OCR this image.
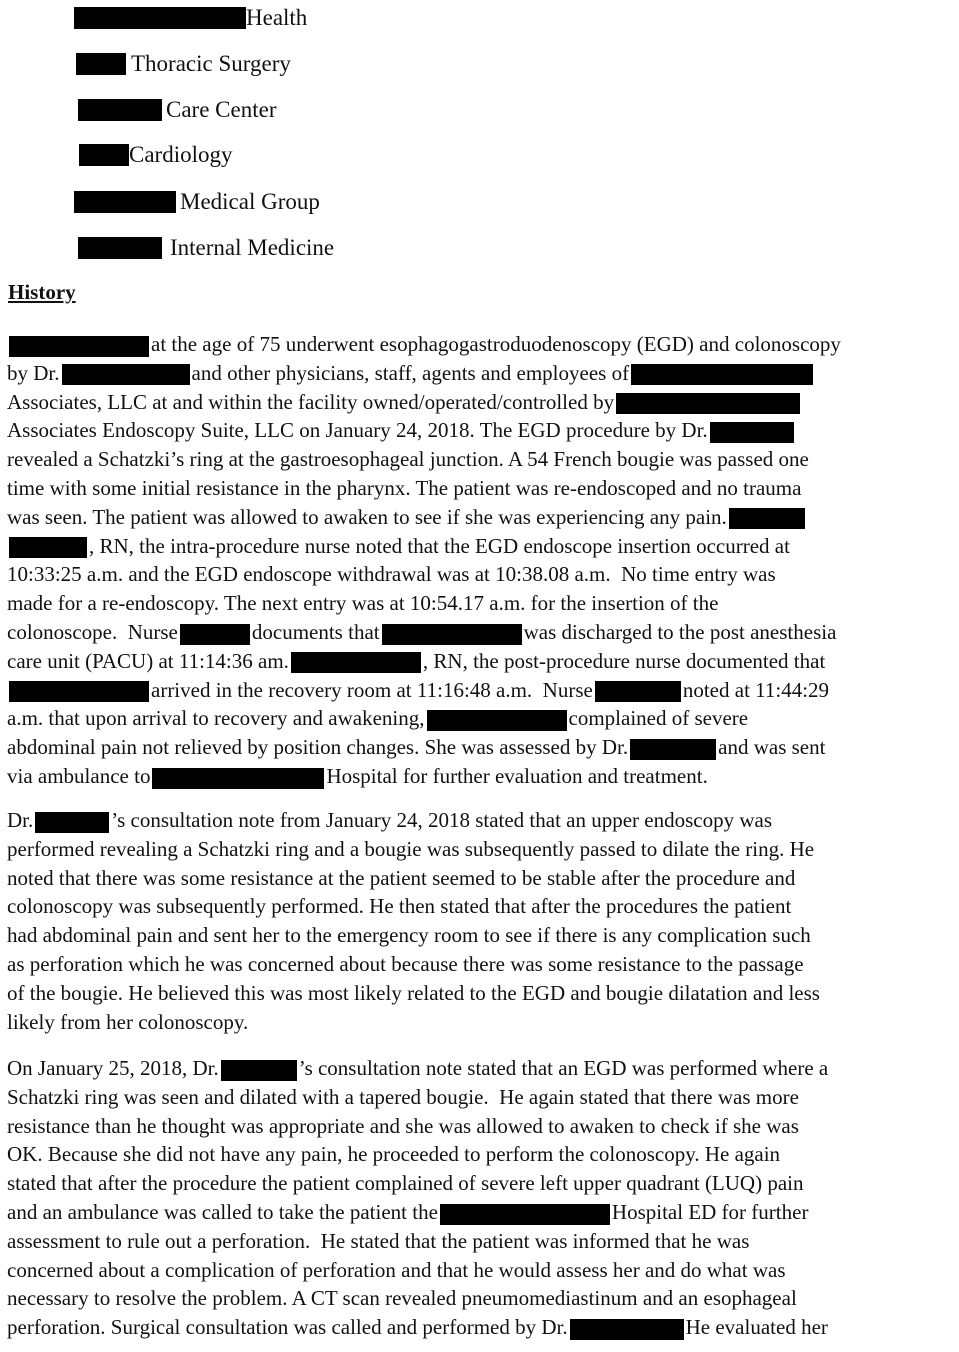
Health
Thoracic Surgery
Care Center
Cardiology
Medical Group
Internal Medicine
History
at the age of 75 underwent esophagogastroduodenoscopy (EGD) and colonoscopy
by Dr.	and other physicians, staff, agents and employees of
Associates, LLC at and within the facility owned/operated/controlled by
Associates Endoscopy Suite, LLC on January 24, 2018. The EGD procedure by Dr.
revealed a Schatzki’s ring at the gastroesophageal junction. A 54 French bougie was passed one
time with some initial resistance in the pharynx. The patient was re-endoscoped and no trauma
was seen. The patient was allowed to awaken to see if she was experiencing any pain.
, RN, the intra-procedure nurse noted that the EGD endoscope insertion occurred at
10:33:25 a.m. and the EGD endoscope withdrawal was at 10:38.08 a.m.  No time entry was
made for a re-endoscopy. The next entry was at 10:54.17 a.m. for the insertion of the
colonoscope.  Nurse	documents that	was discharged to the post anesthesia
care unit (PACU) at 11:14:36 am.	, RN, the post-procedure nurse documented that
arrived in the recovery room at 11:16:48 a.m.  Nurse	noted at 11:44:29
a.m. that upon arrival to recovery and awakening,	complained of severe
abdominal pain not relieved by position changes. She was assessed by Dr.	and was sent
via ambulance to	Hospital for further evaluation and treatment.
Dr.	’s consultation note from January 24, 2018 stated that an upper endoscopy was
performed revealing a Schatzki ring and a bougie was subsequently passed to dilate the ring. He
noted that there was some resistance at the patient seemed to be stable after the procedure and
colonoscopy was subsequently performed. He then stated that after the procedures the patient
had abdominal pain and sent her to the emergency room to see if there is any complication such
as perforation which he was concerned about because there was some resistance to the passage
of the bougie. He believed this was most likely related to the EGD and bougie dilatation and less
likely from her colonoscopy.
On January 25, 2018, Dr.	’s consultation note stated that an EGD was performed where a
Schatzki ring was seen and dilated with a tapered bougie.  He again stated that there was more
resistance than he thought was appropriate and she was allowed to awaken to check if she was
OK. Because she did not have any pain, he proceeded to perform the colonoscopy. He again
stated that after the procedure the patient complained of severe left upper quadrant (LUQ) pain
and an ambulance was called to take the patient the	Hospital ED for further
assessment to rule out a perforation.  He stated that the patient was informed that he was
concerned about a complication of perforation and that he would assess her and do what was
necessary to resolve the problem. A CT scan revealed pneumomediastinum and an esophageal
perforation. Surgical consultation was called and performed by Dr.	He evaluated her
